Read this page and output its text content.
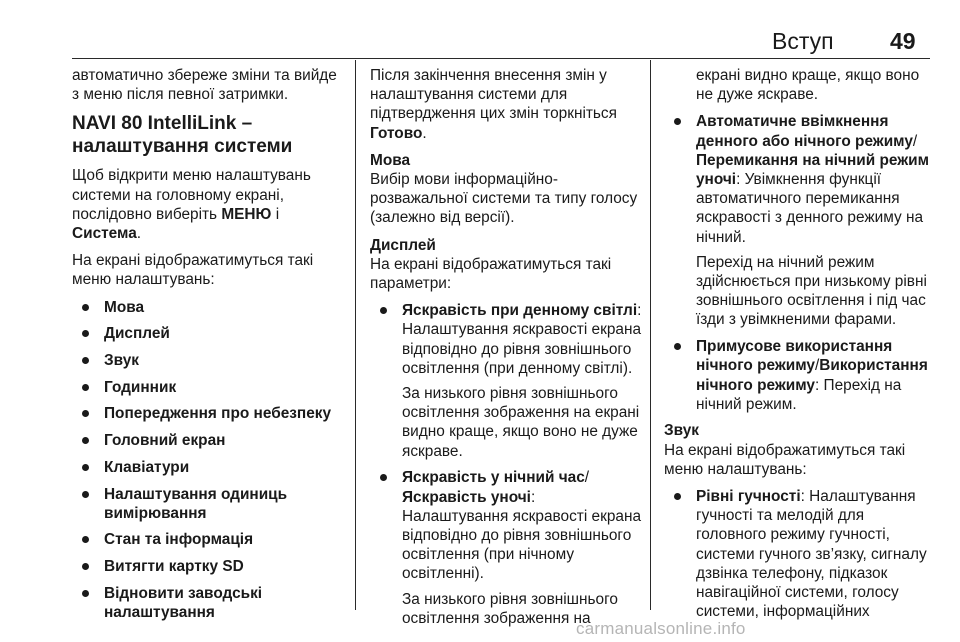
Вступ 49

автоматично збереже зміни та вийде з меню після певної затримки.

NAVI 80 IntelliLink – налаштування системи

Щоб відкрити меню налаштувань системи на головному екрані, послідовно виберіть МЕНЮ і Система.

На екрані відображатимуться такі меню налаштувань:

Мова
Дисплей
Звук
Годинник
Попередження про небезпеку
Головний екран
Клавіатури
Налаштування одиниць вимірювання
Стан та інформація
Витягти картку SD
Відновити заводські налаштування

Після закінчення внесення змін у налаштування системи для підтвердження цих змін торкніться Готово.

Мова
Вибір мови інформаційно-розважальної системи та типу голосу (залежно від версії).
Дисплей
На екрані відображатимуться такі параметри:

Яскравість при денному світлі: Налаштування яскравості екрана відповідно до рівня зовнішнього освітлення (при денному світлі).

За низького рівня зовнішнього освітлення зображення на екрані видно краще, якщо воно не дуже яскраве.

Яскравість у нічний час/
Яскравість уночі:
Налаштування яскравості екрана відповідно до рівня зовнішнього освітлення (при нічному освітленні).

За низького рівня зовнішнього освітлення зображення на

екрані видно краще, якщо воно не дуже яскраве.

Автоматичне ввімкнення денного або нічного режиму/
Перемикання на нічний режим уночі: Увімкнення функції автоматичного перемикання яскравості з денного режиму на нічний.

Перехід на нічний режим здійснюється при низькому рівні зовнішнього освітлення і під час їзди з увімкненими фарами.

Примусове використання нічного режиму/Використання нічного режиму: Перехід на нічний режим.

Звук
На екрані відображатимуться такі меню налаштувань:

Рівні гучності: Налаштування гучності та мелодій для головного режиму гучності, системи гучного зв’язку, сигналу дзвінка телефону, підказок навігаційної системи, голосу системи, інформаційних

carmanualsonline.info
